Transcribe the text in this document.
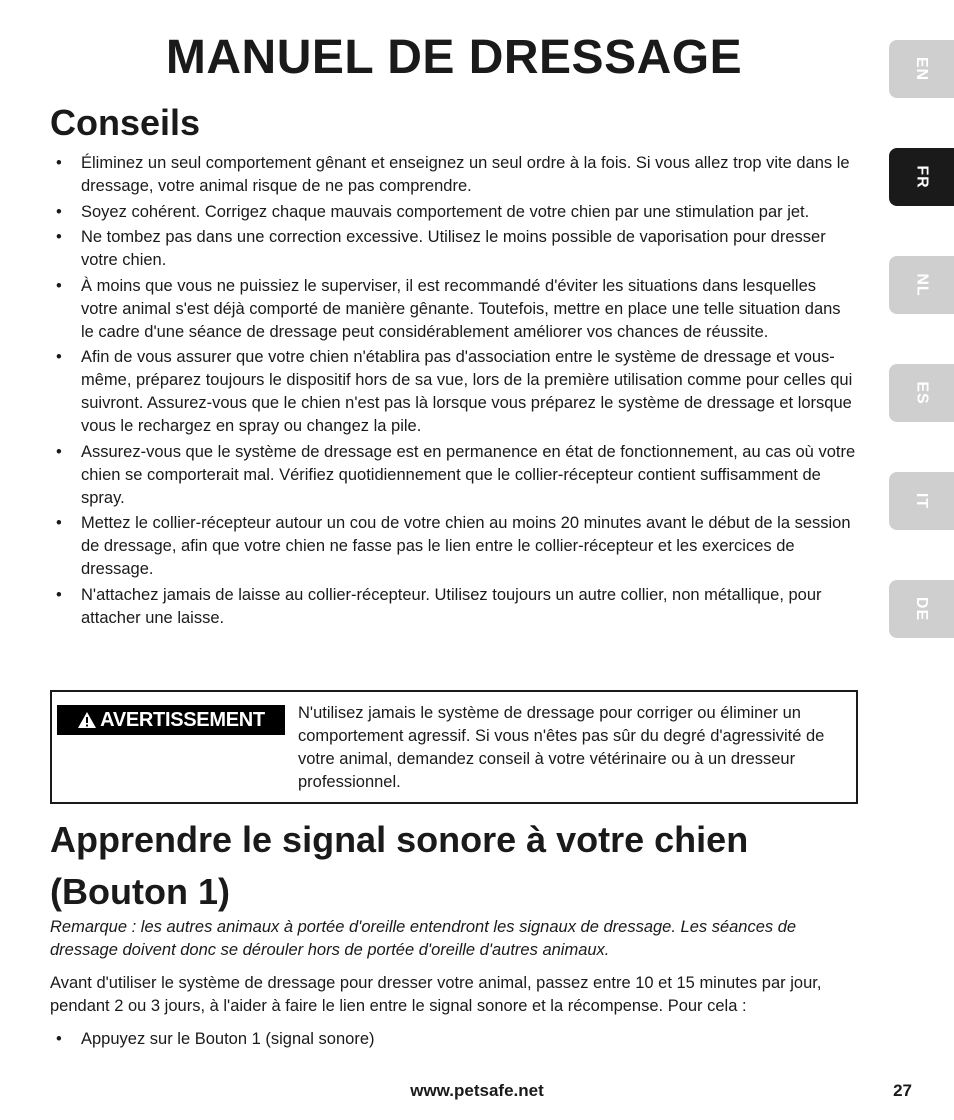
MANUEL DE DRESSAGE
Conseils
• Éliminez un seul comportement gênant et enseignez un seul ordre à la fois. Si vous allez trop vite dans le dressage, votre animal risque de ne pas comprendre.
• Soyez cohérent. Corrigez chaque mauvais comportement de votre chien par une stimulation par jet.
• Ne tombez pas dans une correction excessive. Utilisez le moins possible de vaporisation pour dresser votre chien.
• À moins que vous ne puissiez le superviser, il est recommandé d'éviter les situations dans lesquelles votre animal s'est déjà comporté de manière gênante. Toutefois, mettre en place une telle situation dans le cadre d'une séance de dressage peut considérablement améliorer vos chances de réussite.
• Afin de vous assurer que votre chien n'établira pas d'association entre le système de dressage et vous-même, préparez toujours le dispositif hors de sa vue, lors de la première utilisation comme pour celles qui suivront. Assurez-vous que le chien n'est pas là lorsque vous préparez le système de dressage et lorsque vous le rechargez en spray ou changez la pile.
• Assurez-vous que le système de dressage est en permanence en état de fonctionnement, au cas où votre chien se comporterait mal. Vérifiez quotidiennement que le collier-récepteur contient suffisamment de spray.
• Mettez le collier-récepteur autour un cou de votre chien au moins 20 minutes avant le début de la session de dressage, afin que votre chien ne fasse pas le lien entre le collier-récepteur et les exercices de dressage.
• N'attachez jamais de laisse au collier-récepteur. Utilisez toujours un autre collier, non métallique, pour attacher une laisse.
AVERTISSEMENT N'utilisez jamais le système de dressage pour corriger ou éliminer un comportement agressif. Si vous n'êtes pas sûr du degré d'agressivité de votre animal, demandez conseil à votre vétérinaire ou à un dresseur professionnel.
Apprendre le signal sonore à votre chien (Bouton 1)
Remarque : les autres animaux à portée d'oreille entendront les signaux de dressage. Les séances de dressage doivent donc se dérouler hors de portée d'oreille d'autres animaux.
Avant d'utiliser le système de dressage pour dresser votre animal, passez entre 10 et 15 minutes par jour, pendant 2 ou 3 jours, à l'aider à faire le lien entre le signal sonore et la récompense. Pour cela :
• Appuyez sur le Bouton 1 (signal sonore)
EN
FR
NL
ES
IT
DE
www.petsafe.net	27
